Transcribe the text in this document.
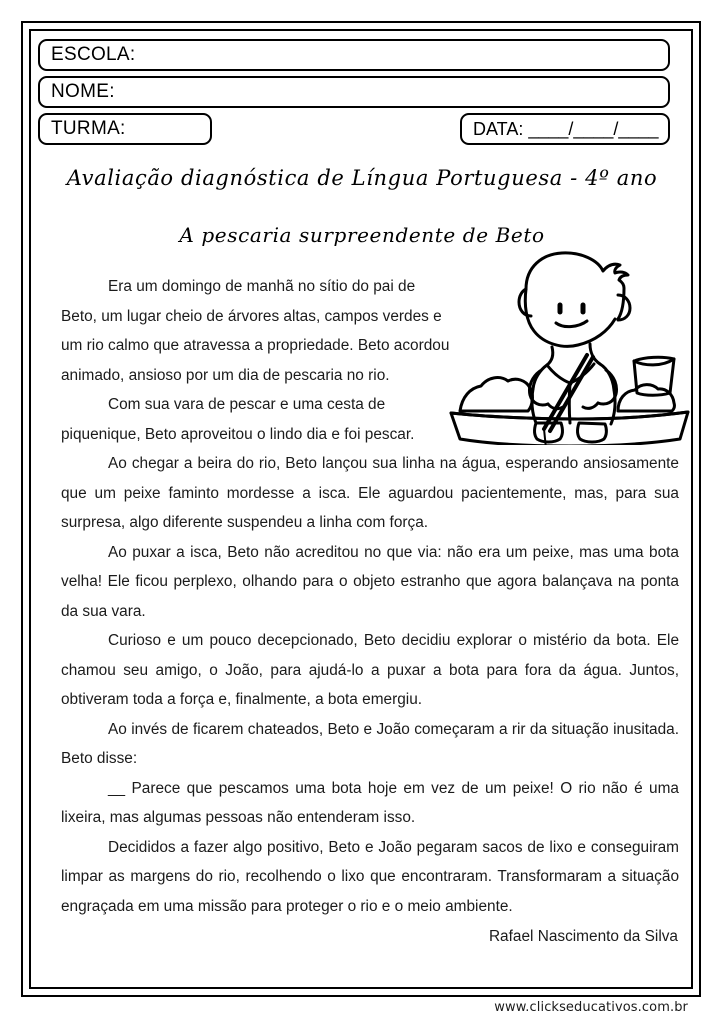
ESCOLA:
NOME:
TURMA:	DATA: ____/____/____
Avaliação diagnóstica de Língua Portuguesa - 4º ano
A pescaria surpreendente de Beto

Era um domingo de manhã no sítio do pai de Beto, um lugar cheio de árvores altas, campos verdes e um rio calmo que atravessa a propriedade. Beto acordou animado, ansioso por um dia de pescaria no rio.

Com sua vara de pescar e uma cesta de piquenique, Beto aproveitou o lindo dia e foi pescar.

Ao chegar a beira do rio, Beto lançou sua linha na água, esperando ansiosamente que um peixe faminto mordesse a isca. Ele aguardou pacientemente, mas, para sua surpresa, algo diferente suspendeu a linha com força.

Ao puxar a isca, Beto não acreditou no que via: não era um peixe, mas uma bota velha! Ele ficou perplexo, olhando para o objeto estranho que agora balançava na ponta da sua vara.

Curioso e um pouco decepcionado, Beto decidiu explorar o mistério da bota. Ele chamou seu amigo, o João, para ajudá-lo a puxar a bota para fora da água. Juntos, obtiveram toda a força e, finalmente, a bota emergiu.

Ao invés de ficarem chateados, Beto e João começaram a rir da situação inusitada. Beto disse:

__ Parece que pescamos uma bota hoje em vez de um peixe! O rio não é uma lixeira, mas algumas pessoas não entenderam isso.

Decididos a fazer algo positivo, Beto e João pegaram sacos de lixo e conseguiram limpar as margens do rio, recolhendo o lixo que encontraram. Transformaram a situação engraçada em uma missão para proteger o rio e o meio ambiente.

Rafael Nascimento da Silva
www.clickseducativos.com.br
